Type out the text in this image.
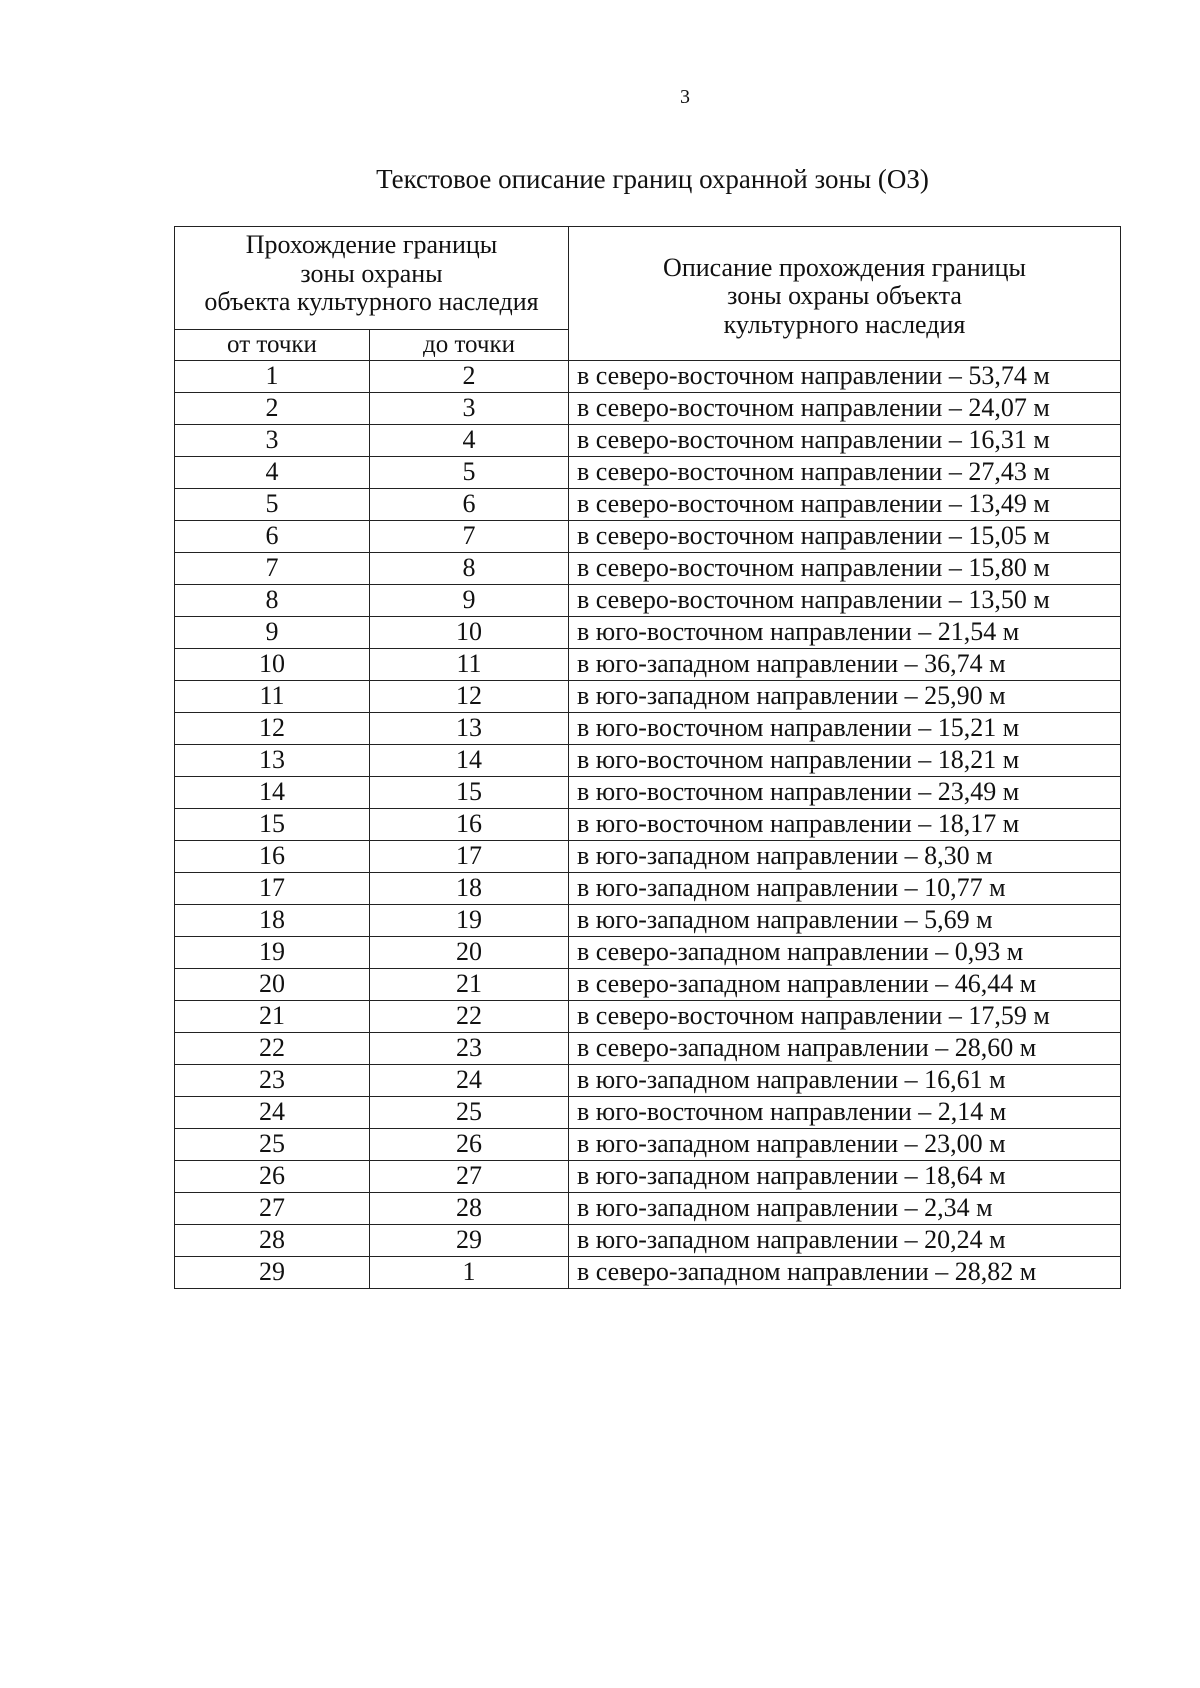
3
Текстовое описание границ охранной зоны (ОЗ)
Прохождение границы
зоны охраны
объекта культурного наследия		Описание прохождения границы
зоны охраны объекта
культурного наследия

от точки	до точки	
1	2	в северо-восточном направлении – 53,74 м
2	3	в северо-восточном направлении – 24,07 м
3	4	в северо-восточном направлении – 16,31 м
4	5	в северо-восточном направлении – 27,43 м
5	6	в северо-восточном направлении – 13,49 м
6	7	в северо-восточном направлении – 15,05 м
7	8	в северо-восточном направлении – 15,80 м
8	9	в северо-восточном направлении – 13,50 м
9	10	в юго-восточном направлении – 21,54 м
10	11	в юго-западном направлении – 36,74 м
11	12	в юго-западном направлении – 25,90 м
12	13	в юго-восточном направлении – 15,21 м
13	14	в юго-восточном направлении – 18,21 м
14	15	в юго-восточном направлении – 23,49 м
15	16	в юго-восточном направлении – 18,17 м
16	17	в юго-западном направлении – 8,30 м
17	18	в юго-западном направлении – 10,77 м
18	19	в юго-западном направлении – 5,69 м
19	20	в северо-западном направлении – 0,93 м
20	21	в северо-западном направлении – 46,44 м
21	22	в северо-восточном направлении – 17,59 м
22	23	в северо-западном направлении – 28,60 м
23	24	в юго-западном направлении – 16,61 м
24	25	в юго-восточном направлении – 2,14 м
25	26	в юго-западном направлении – 23,00 м
26	27	в юго-западном направлении – 18,64 м
27	28	в юго-западном направлении – 2,34 м
28	29	в юго-западном направлении – 20,24 м
29	1	в северо-западном направлении – 28,82 м
